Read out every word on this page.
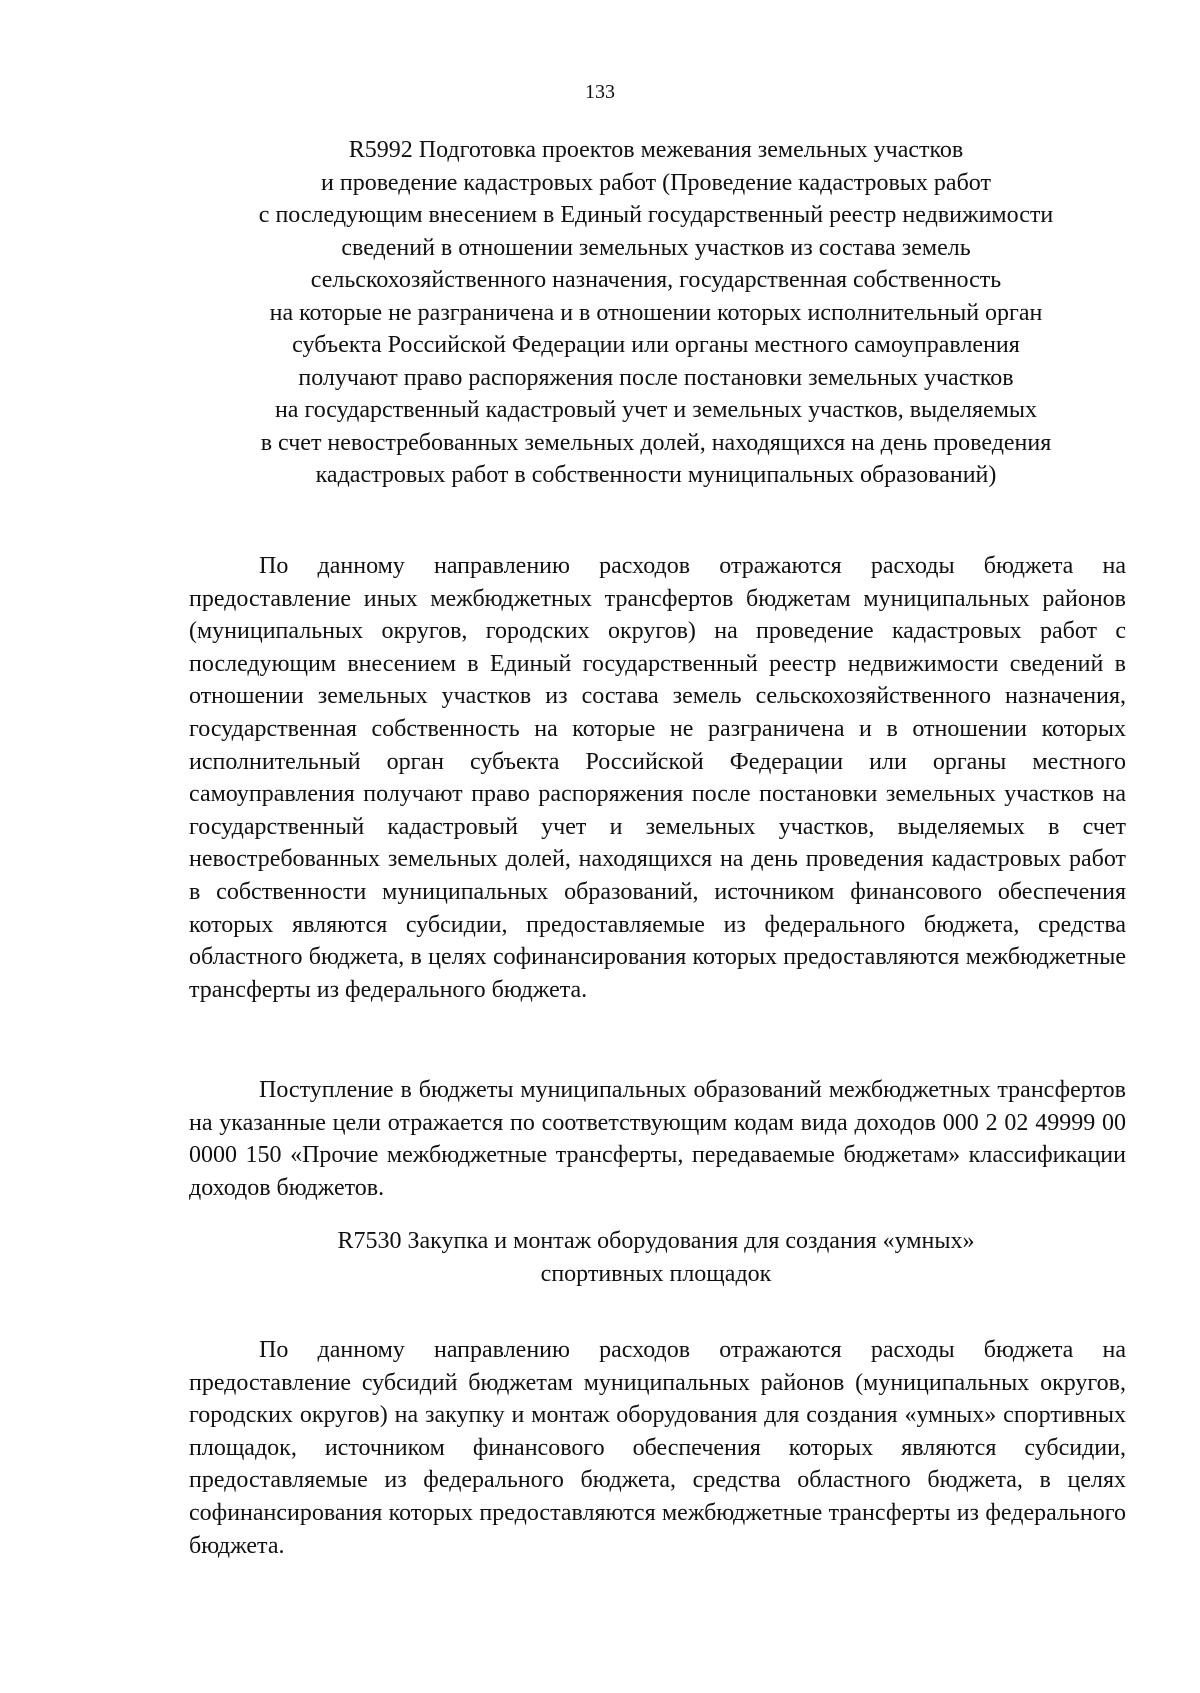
133
R5992 Подготовка проектов межевания земельных участков
и проведение кадастровых работ (Проведение кадастровых работ
с последующим внесением в Единый государственный реестр недвижимости
сведений в отношении земельных участков из состава земель
сельскохозяйственного назначения, государственная собственность
на которые не разграничена и в отношении которых исполнительный орган
субъекта Российской Федерации или органы местного самоуправления
получают право распоряжения после постановки земельных участков
на государственный кадастровый учет и земельных участков, выделяемых
в счет невостребованных земельных долей, находящихся на день проведения
кадастровых работ в собственности муниципальных образований)

По данному направлению расходов отражаются расходы бюджета на предоставление иных межбюджетных трансфертов бюджетам муниципальных районов (муниципальных округов, городских округов) на проведение кадастровых работ с последующим внесением в Единый государственный реестр недвижимости сведений в отношении земельных участков из состава земель сельскохозяйственного назначения, государственная собственность на которые не разграничена и в отношении которых исполнительный орган субъекта Российской Федерации или органы местного самоуправления получают право распоряжения после постановки земельных участков на государственный кадастровый учет и земельных участков, выделяемых в счет невостребованных земельных долей, находящихся на день проведения кадастровых работ в собственности муниципальных образований, источником финансового обеспечения которых являются субсидии, предоставляемые из федерального бюджета, средства областного бюджета, в целях софинансирования которых предоставляются межбюджетные трансферты из федерального бюджета.

Поступление в бюджеты муниципальных образований межбюджетных трансфертов на указанные цели отражается по соответствующим кодам вида доходов 000 2 02 49999 00 0000 150 «Прочие межбюджетные трансферты, передаваемые бюджетам» классификации доходов бюджетов.

R7530 Закупка и монтаж оборудования для создания «умных»
спортивных площадок

По данному направлению расходов отражаются расходы бюджета на предоставление субсидий бюджетам муниципальных районов (муниципальных округов, городских округов) на закупку и монтаж оборудования для создания «умных» спортивных площадок, источником финансового обеспечения которых являются субсидии, предоставляемые из федерального бюджета, средства областного бюджета, в целях софинансирования которых предоставляются межбюджетные трансферты из федерального бюджета.
